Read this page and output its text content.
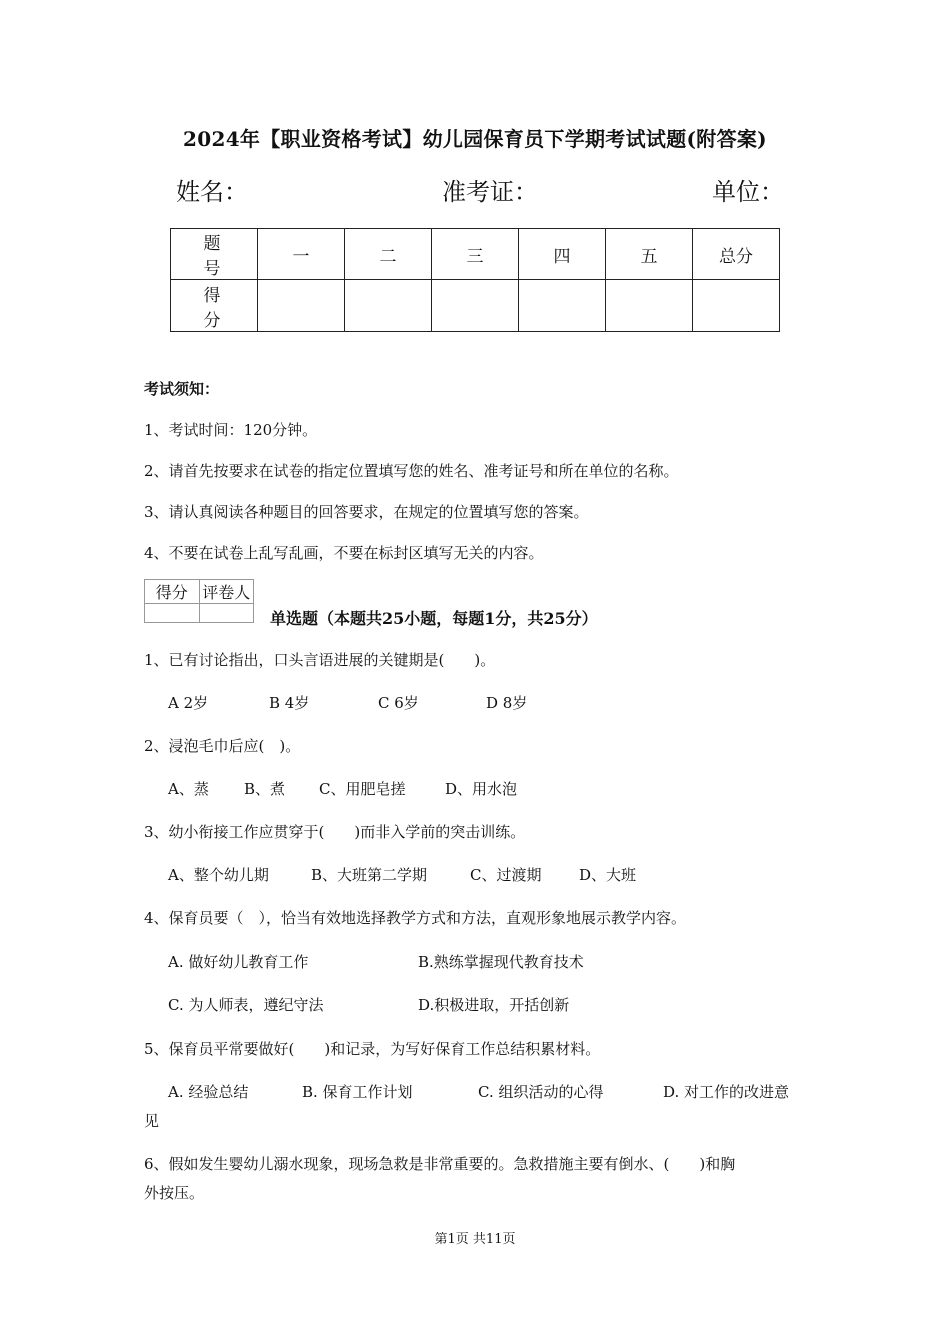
2024年【职业资格考试】幼儿园保育员下学期考试试题(附答案)
姓名：	准考证：	单位：
题　号	一	二	三	四	五	总分
得　分						
考试须知：
1、考试时间：120分钟。
2、请首先按要求在试卷的指定位置填写您的姓名、准考证号和所在单位的名称。
3、请认真阅读各种题目的回答要求，在规定的位置填写您的答案。
4、不要在试卷上乱写乱画，不要在标封区填写无关的内容。
得分	评卷人

单选题（本题共25小题，每题1分，共25分）
1、已有讨论指出，口头言语进展的关键期是(　　)。
A 2岁	B 4岁	C 6岁	D 8岁
2、浸泡毛巾后应(　)。
A、蒸 B、煮 C、用肥皂搓	D、用水泡
3、幼小衔接工作应贯穿于(　　)而非入学前的突击训练。
A、整个幼儿期	B、大班第二学期	C、过渡期	D、大班
4、保育员要（　），恰当有效地选择教学方式和方法，直观形象地展示教学内容。
A. 做好幼儿教育工作	B.熟练掌握现代教育技术
C. 为人师表，遵纪守法	D.积极进取，开括创新
5、保育员平常要做好(　　)和记录，为写好保育工作总结积累材料。
A. 经验总结	B. 保育工作计划	C. 组织活动的心得	D. 对工作的改进意
见
6、假如发生婴幼儿溺水现象，现场急救是非常重要的。急救措施主要有倒水、(　　)和胸
外按压。
第1页 共11页
